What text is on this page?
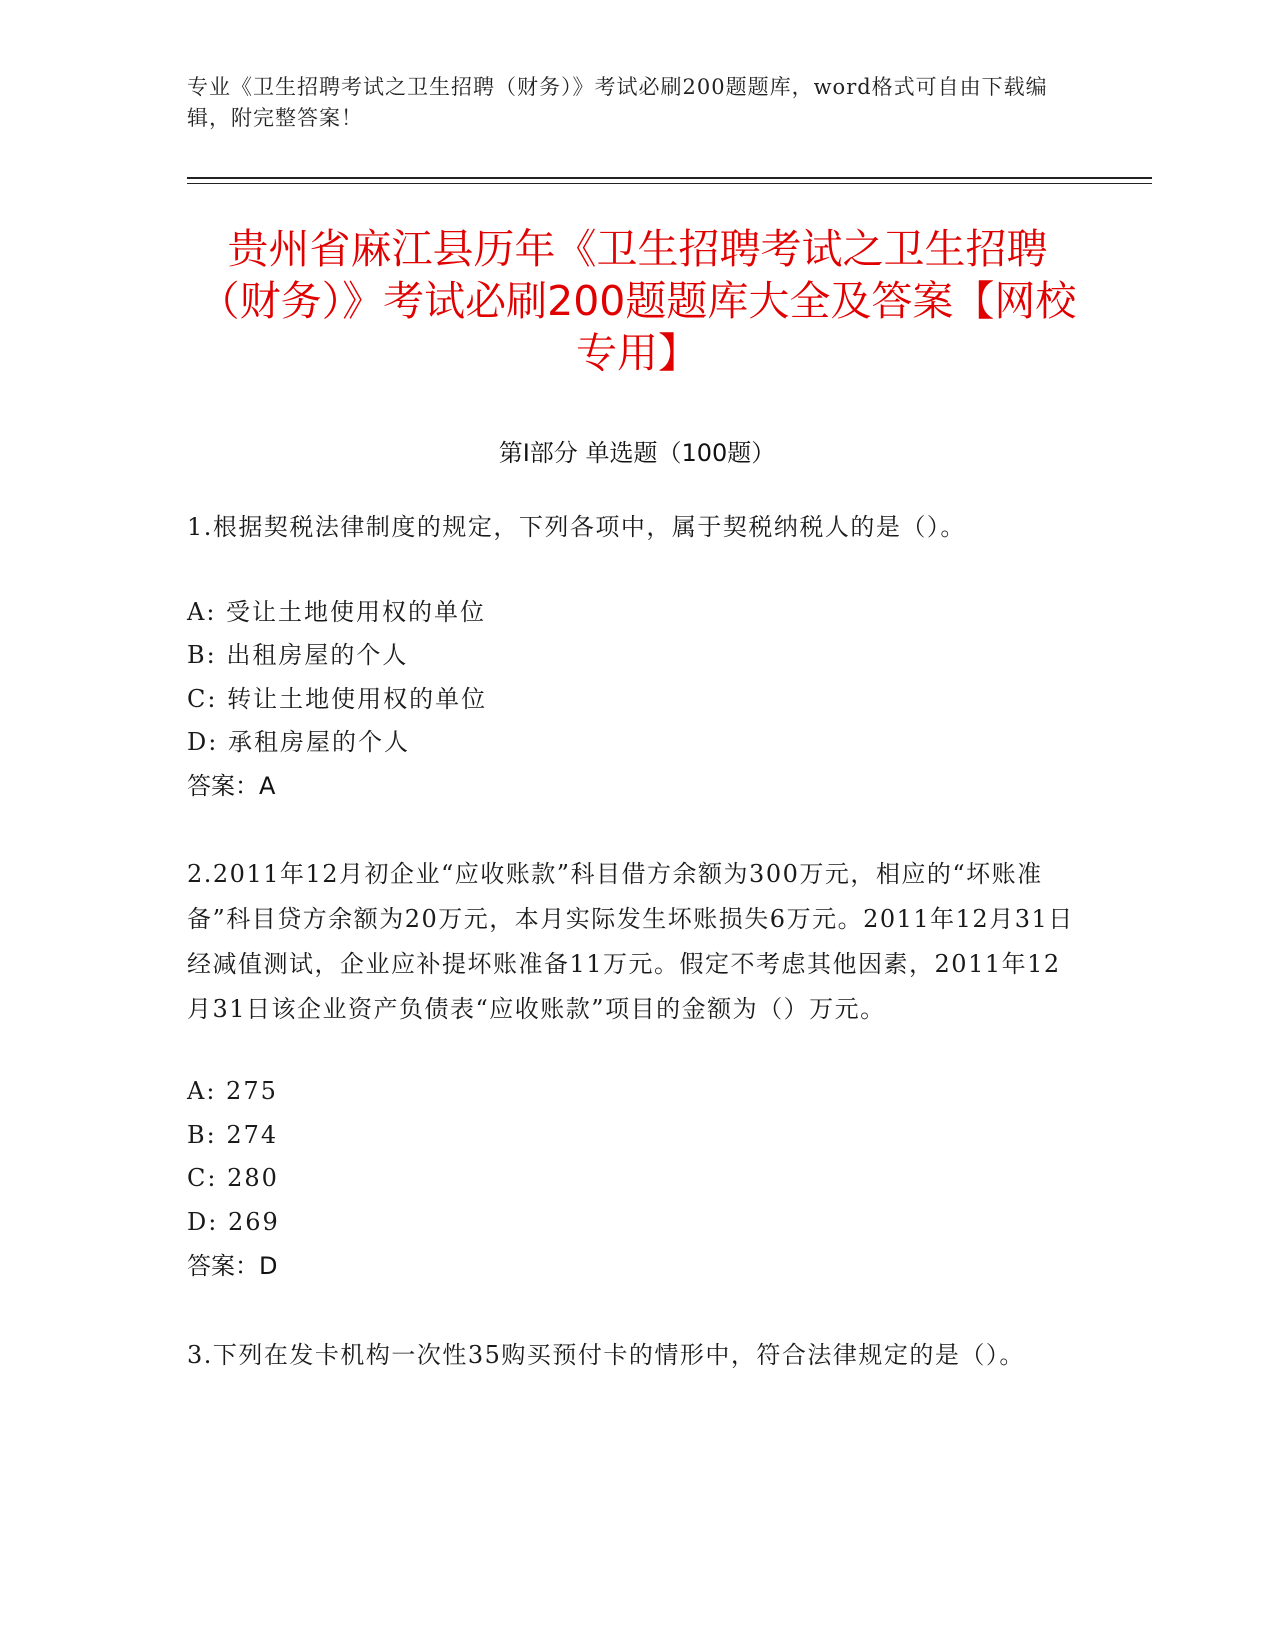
专业《卫生招聘考试之卫生招聘（财务）》考试必刷200题题库，word格式可自由下载编辑，附完整答案！
贵州省麻江县历年《卫生招聘考试之卫生招聘（财务）》考试必刷200题题库大全及答案【网校专用】
第Ⅰ部分 单选题（100题）
1.根据契税法律制度的规定，下列各项中，属于契税纳税人的是（）。
A: 受让土地使用权的单位
B: 出租房屋的个人
C: 转让土地使用权的单位
D: 承租房屋的个人
答案：A
2.2011年12月初企业“应收账款”科目借方余额为300万元，相应的“坏账准备”科目贷方余额为20万元，本月实际发生坏账损失6万元。2011年12月31日经减值测试，企业应补提坏账准备11万元。假定不考虑其他因素，2011年12月31日该企业资产负债表“应收账款”项目的金额为（）万元。
A: 275
B: 274
C: 280
D: 269
答案：D
3.下列在发卡机构一次性35购买预付卡的情形中，符合法律规定的是（）。
